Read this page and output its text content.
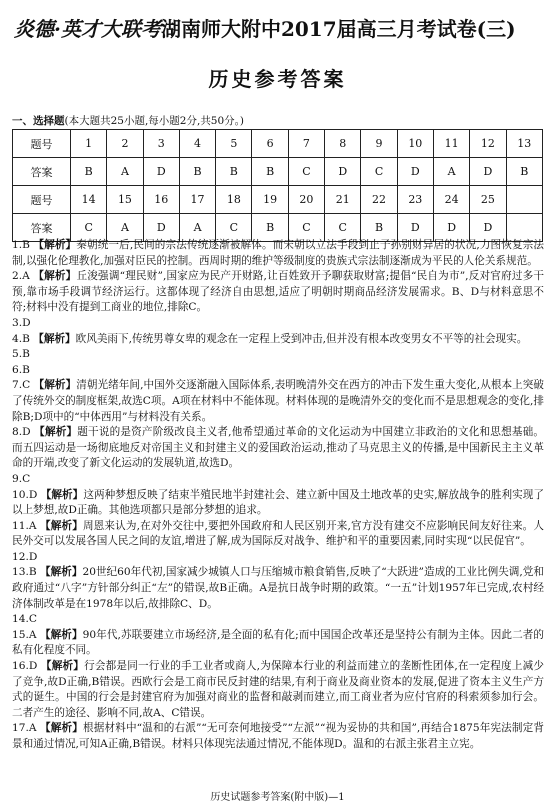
炎德·英才大联考湖南师大附中2017届高三月考试卷(三)
历史参考答案
一、选择题(本大题共25小题,每小题2分,共50分。)
题号	1	2	3	4	5	6	7	8	9	10	11	12	13
答案	B	A	D	B	B	B	C	D	C	D	A	D	B
题号	14	15	16	17	18	19	20	21	22	23	24	25	
答案	C	A	D	A	C	B	C	C	B	D	D	D	

1.B 【解析】秦朝统一后,民间的宗法传统逐渐被解体。而宋朝以立法手段到止子孙别财异居的状况,力图恢复宗法制,以强化伦理教化,加强对臣民的控制。西周时期的维护等级制度的贵族式宗法制逐渐成为平民的人伦关系规范。

2.A 【解析】丘浚强调“理民财”,国家应为民产开财路,让百姓致开予聊获取财富;提倡“民自为市”,反对官府过多干预,靠市场手段调节经济运行。这都体现了经济自由思想,适应了明朝时期商品经济发展需求。B、D与材料意思不符;材料中没有提到工商业的地位,排除C。

3.D

4.B 【解析】欧风美雨下,传统男尊女卑的观念在一定程上受到冲击,但并没有根本改变男女不平等的社会现实。

5.B

6.B

7.C 【解析】清朝光绪年间,中国外交逐渐融入国际体系,表明晚清外交在西方的冲击下发生重大变化,从根本上突破了传统外交的制度框架,故选C项。A项在材料中不能体现。材料体现的是晚清外交的变化而不是思想观念的变化,排除B;D项中的“中体西用”与材料没有关系。

8.D 【解析】题干说的是资产阶级改良主义者,他希望通过革命的文化运动为中国建立非政治的文化和思想基础。而五四运动是一场彻底地反对帝国主义和封建主义的爱国政治运动,推动了马克思主义的传播,是中国新民主主义革命的开端,改变了新文化运动的发展轨道,故选D。

9.C

10.D 【解析】这两种梦想反映了结束半殖民地半封建社会、建立新中国及土地改革的史实,解放战争的胜利实现了以上梦想,故D正确。其他选项都只是部分梦想的追求。

11.A 【解析】周恩来认为,在对外交往中,要把外国政府和人民区别开来,官方没有建交不应影响民间友好往来。人民外交可以发展各国人民之间的友谊,增进了解,成为国际反对战争、维护和平的重要因素,同时实现“以民促官”。

12.D

13.B 【解析】20世纪60年代初,国家减少城镇人口与压缩城市粮食销售,反映了“大跃进”造成的工业比例失调,党和政府通过“八字”方针部分纠正“左”的错误,故B正确。A是抗日战争时期的政策。“一五”计划1957年已完成,农村经济体制改革是在1978年以后,故排除C、D。

14.C

15.A 【解析】90年代,苏联要建立市场经济,是全面的私有化;而中国国企改革还是坚持公有制为主体。因此二者的私有化程度不同。

16.D 【解析】行会都是同一行业的手工业者或商人,为保障本行业的利益而建立的垄断性团体,在一定程度上减少了竞争,故D正确,B错误。西欧行会是工商市民反封建的结果,有利于商业及商业资本的发展,促进了资本主义生产方式的诞生。中国的行会是封建官府为加强对商业的监督和敲剥而建立,而工商业者为应付官府的科索须参加行会。二者产生的途径、影响不同,故A、C错误。

17.A 【解析】根据材料中“温和的右派”“无可奈何地接受”“左派”“视为妥协的共和国”,再结合1875年宪法制定背景和通过情况,可知A正确,B错误。材料只体现宪法通过情况,不能体现D。温和的右派主张君主立宪。

历史试题参考答案(附中版)—1
